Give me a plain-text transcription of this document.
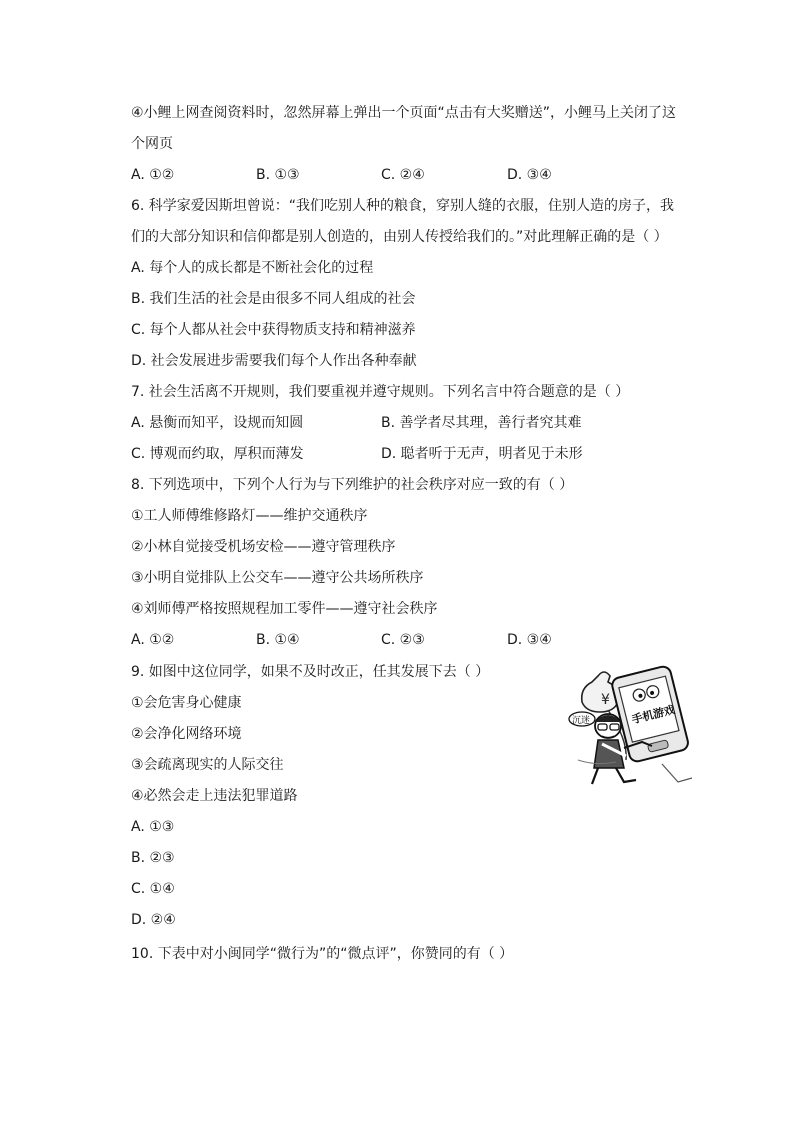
④小鲤上网查阅资料时，忽然屏幕上弹出一个页面“点击有大奖赠送”，小鲤马上关闭了这
个网页
A. ①②	B. ①③	C. ②④	D. ③④
6. 科学家爱因斯坦曾说：“我们吃别人种的粮食，穿别人缝的衣服，住别人造的房子，我
们的大部分知识和信仰都是别人创造的，由别人传授给我们的。”对此理解正确的是（ ）
A. 每个人的成长都是不断社会化的过程
B. 我们生活的社会是由很多不同人组成的社会
C. 每个人都从社会中获得物质支持和精神滋养
D. 社会发展进步需要我们每个人作出各种奉献
7. 社会生活离不开规则，我们要重视并遵守规则。下列名言中符合题意的是（ ）
A. 悬衡而知平，设规而知圆	B. 善学者尽其理，善行者究其难
C. 博观而约取，厚积而薄发	D. 聪者听于无声，明者见于未形
8. 下列选项中，下列个人行为与下列维护的社会秩序对应一致的有（ ）
①工人师傅维修路灯——维护交通秩序
②小林自觉接受机场安检——遵守管理秩序
③小明自觉排队上公交车——遵守公共场所秩序
④刘师傅严格按照规程加工零件——遵守社会秩序
A. ①②	B. ①④	C. ②③	D. ③④
9. 如图中这位同学，如果不及时改正，任其发展下去（ ）
①会危害身心健康
②会净化网络环境
③会疏离现实的人际交往
④必然会走上违法犯罪道路
A. ①③
B. ②③
C. ①④
D. ②④
¥
手机游戏
沉迷
10. 下表中对小闽同学“微行为”的“微点评”，你赞同的有（ ）
